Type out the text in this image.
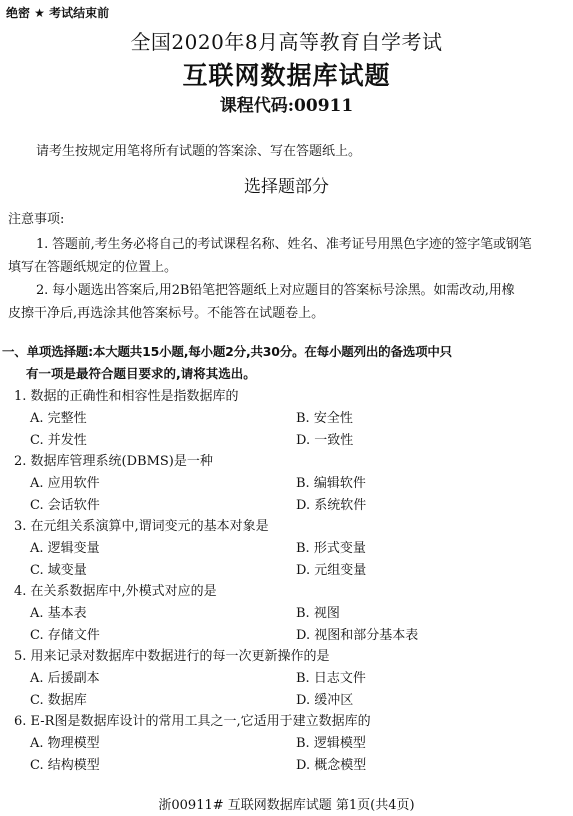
绝密 ★ 考试结束前
全国2020年8月高等教育自学考试
互联网数据库试题
课程代码:00911
请考生按规定用笔将所有试题的答案涂、写在答题纸上。
选择题部分
注意事项:
1. 答题前,考生务必将自己的考试课程名称、姓名、准考证号用黑色字迹的签字笔或钢笔
填写在答题纸规定的位置上。
2. 每小题选出答案后,用2B铅笔把答题纸上对应题目的答案标号涂黑。如需改动,用橡
皮擦干净后,再选涂其他答案标号。不能答在试题卷上。
一、单项选择题:本大题共15小题,每小题2分,共30分。在每小题列出的备选项中只
有一项是最符合题目要求的,请将其选出。
1. 数据的正确性和相容性是指数据库的
A. 完整性	B. 安全性
C. 并发性	D. 一致性
2. 数据库管理系统(DBMS)是一种
A. 应用软件	B. 编辑软件
C. 会话软件	D. 系统软件
3. 在元组关系演算中,谓词变元的基本对象是
A. 逻辑变量	B. 形式变量
C. 域变量	D. 元组变量
4. 在关系数据库中,外模式对应的是
A. 基本表	B. 视图
C. 存储文件	D. 视图和部分基本表
5. 用来记录对数据库中数据进行的每一次更新操作的是
A. 后援副本	B. 日志文件
C. 数据库	D. 缓冲区
6. E-R图是数据库设计的常用工具之一,它适用于建立数据库的
A. 物理模型	B. 逻辑模型
C. 结构模型	D. 概念模型
浙00911# 互联网数据库试题 第1页(共4页)
